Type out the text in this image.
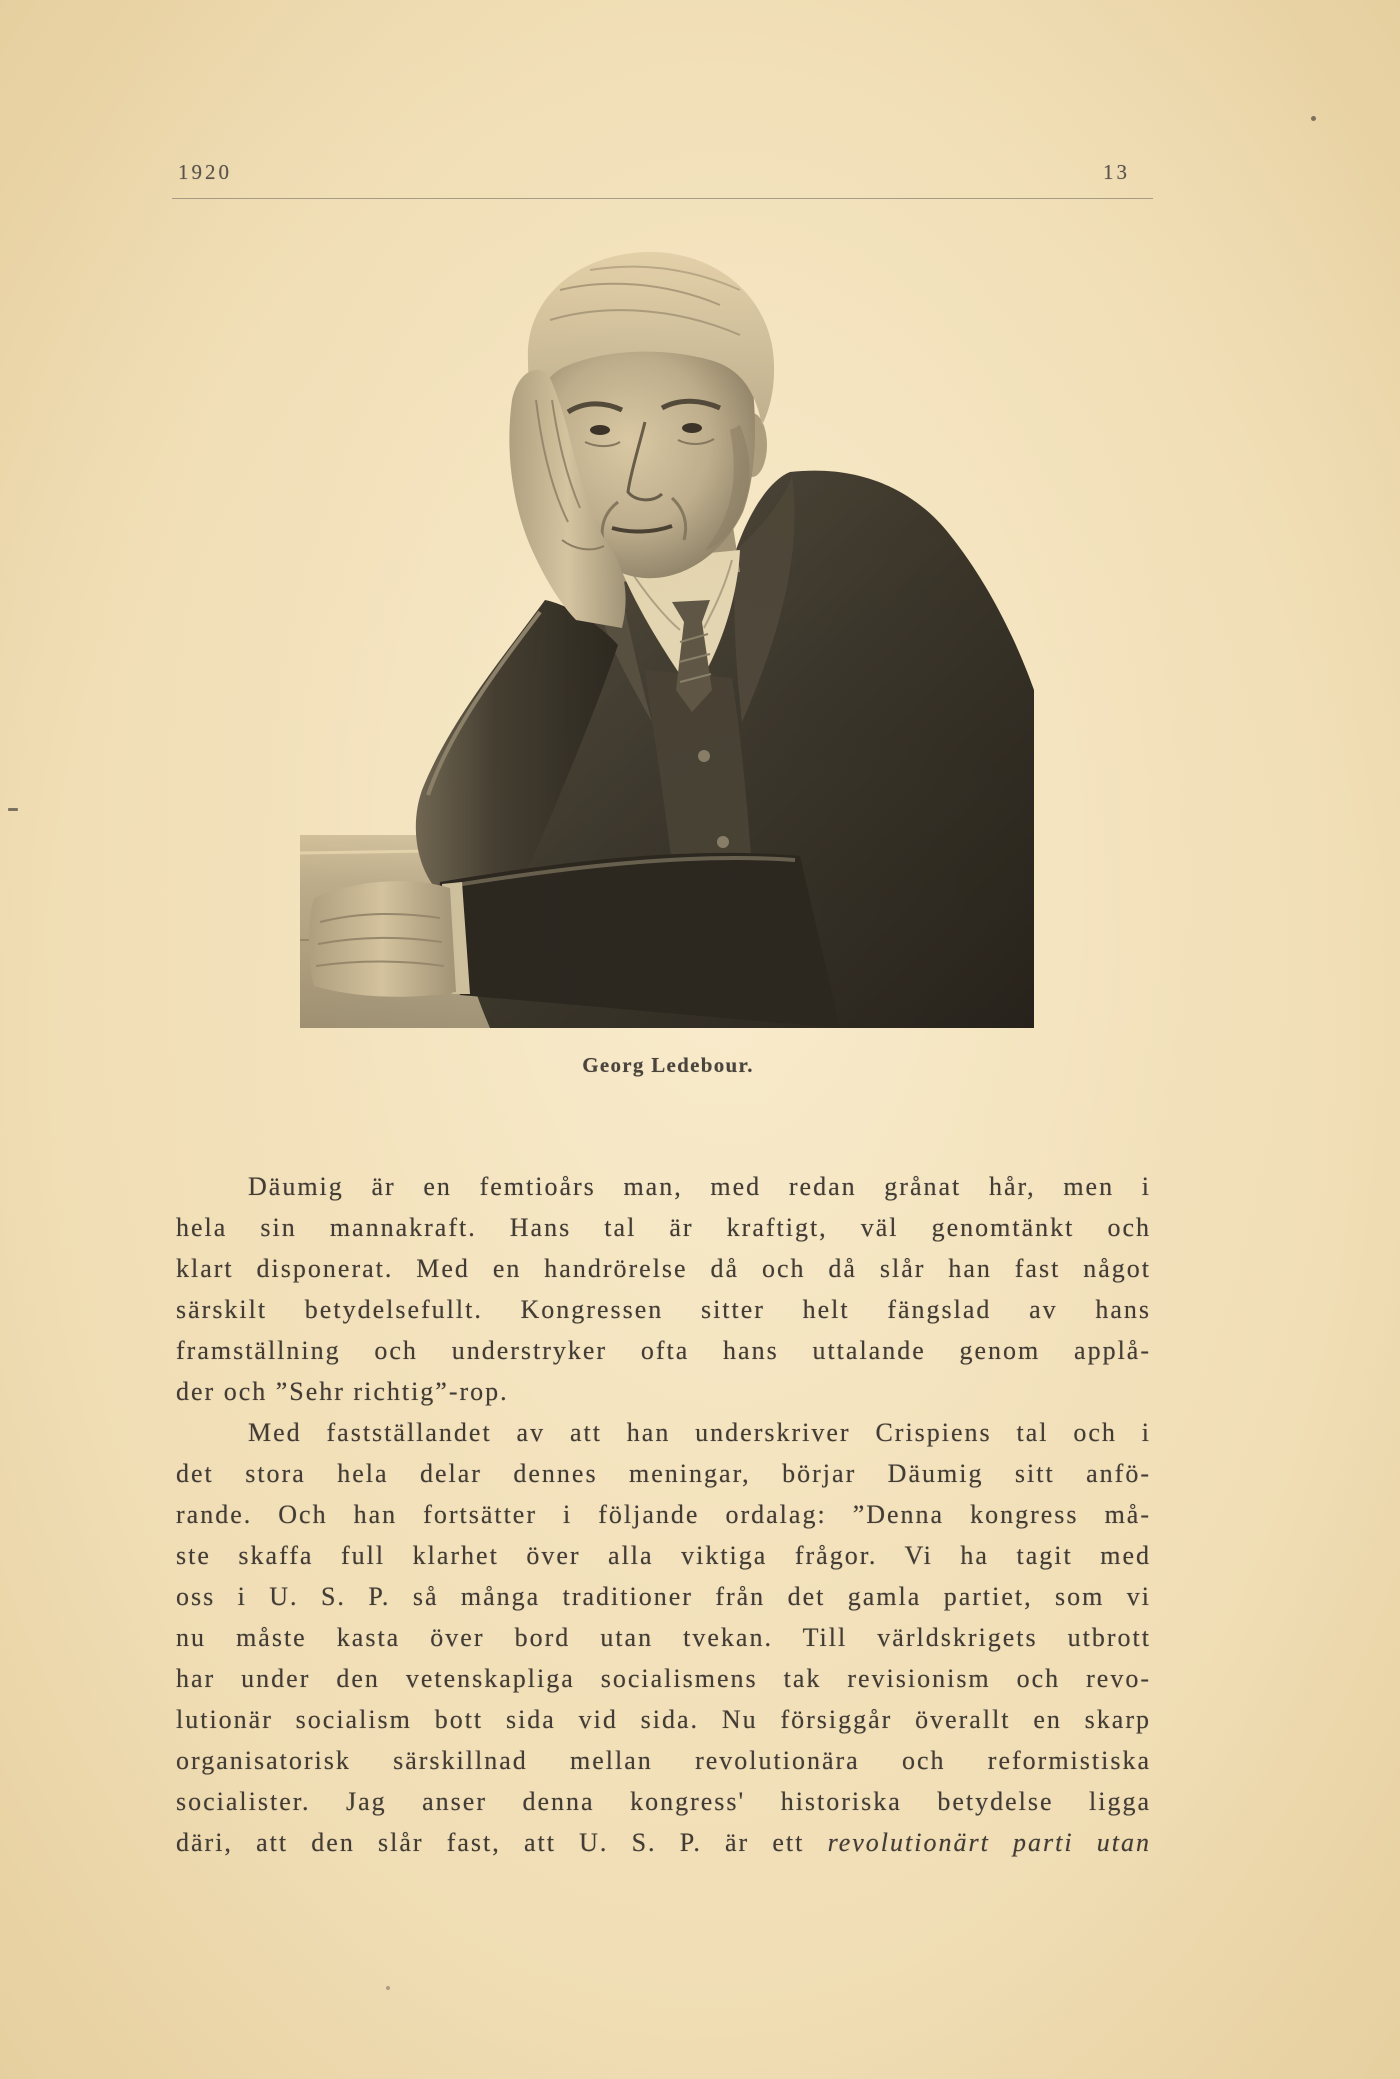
1920	13
Georg Ledebour.
Däumig är en femtioårs man, med redan grånat hår, men i
hela sin mannakraft. Hans tal är kraftigt, väl genomtänkt och
klart disponerat. Med en handrörelse då och då slår han fast något
särskilt betydelsefullt. Kongressen sitter helt fängslad av hans
framställning och understryker ofta hans uttalande genom applå-
der och ”Sehr richtig”-rop.
Med fastställandet av att han underskriver Crispiens tal och i
det stora hela delar dennes meningar, börjar Däumig sitt anfö-
rande. Och han fortsätter i följande ordalag: ”Denna kongress må-
ste skaffa full klarhet över alla viktiga frågor. Vi ha tagit med
oss i U. S. P. så många traditioner från det gamla partiet, som vi
nu måste kasta över bord utan tvekan. Till världskrigets utbrott
har under den vetenskapliga socialismens tak revisionism och revo-
lutionär socialism bott sida vid sida. Nu försiggår överallt en skarp
organisatorisk särskillnad mellan revolutionära och reformistiska
socialister. Jag anser denna kongress' historiska betydelse ligga
däri, att den slår fast, att U. S. P. är ett revolutionärt parti utan
